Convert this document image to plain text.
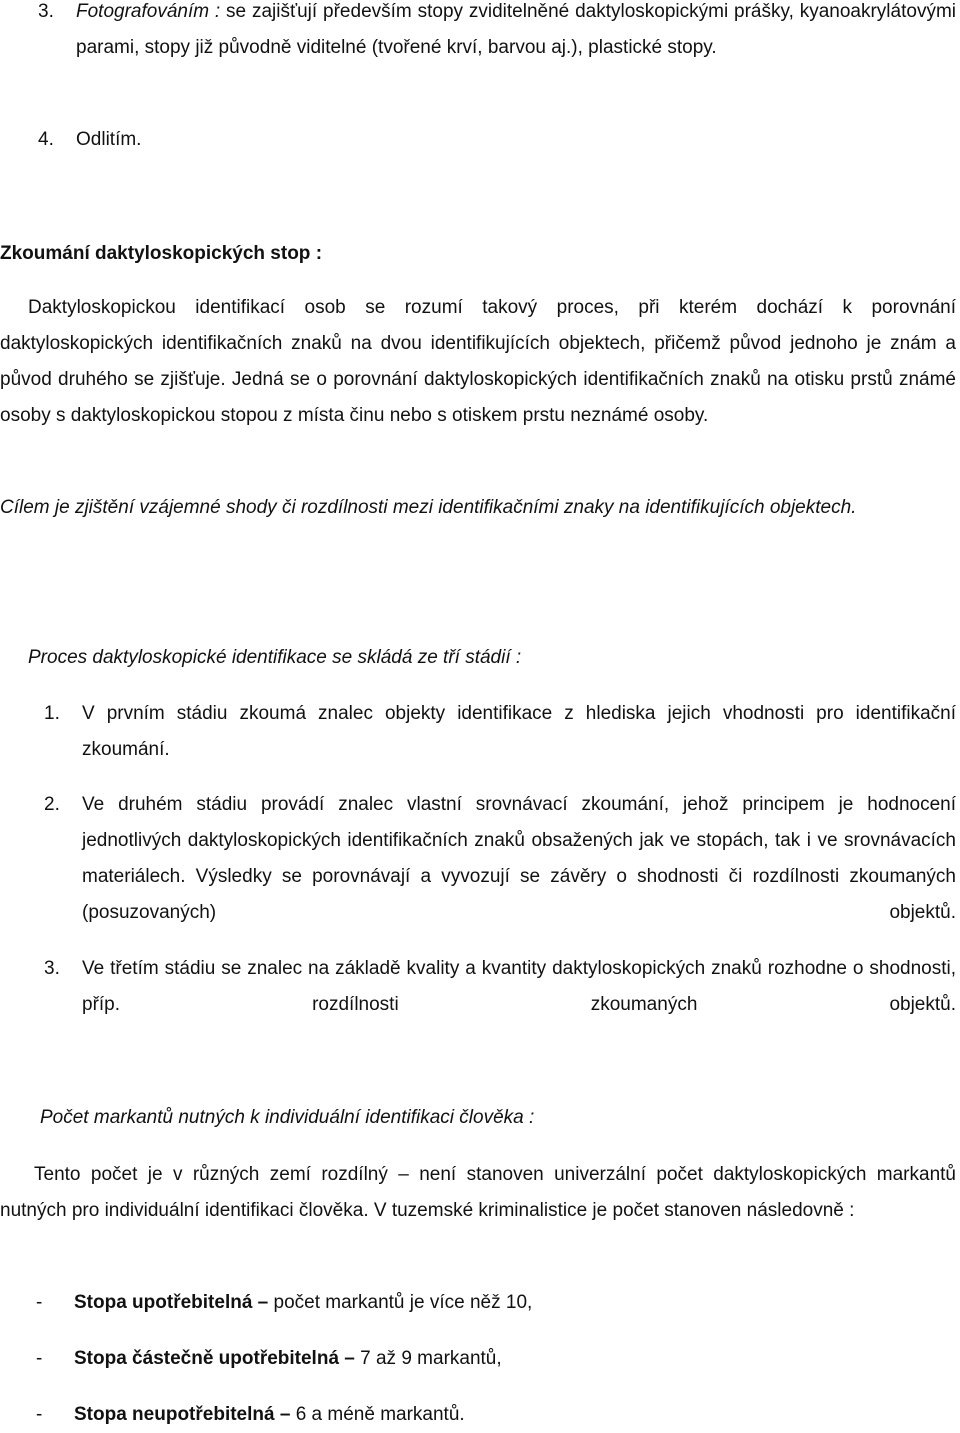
3. Fotografováním : se zajišťují především stopy zviditelněné daktyloskopickými prášky, kyanoakrylátovými parami, stopy již původně viditelné (tvořené krví, barvou aj.), plastické stopy.

4. Odlitím.

Zkoumání daktyloskopických stop :

Daktyloskopickou identifikací osob se rozumí takový proces, při kterém dochází k porovnání daktyloskopických identifikačních znaků na dvou identifikujících objektech, přičemž původ jednoho je znám a původ druhého se zjišťuje. Jedná se o porovnání daktyloskopických identifikačních znaků na otisku prstů známé osoby s daktyloskopickou stopou z místa činu nebo s otiskem prstu neznámé osoby.

Cílem je zjištění vzájemné shody či rozdílnosti mezi identifikačními znaky na identifikujících objektech.

Proces daktyloskopické identifikace se skládá ze tří stádií :
1. V prvním stádiu zkoumá znalec objekty identifikace z hlediska jejich vhodnosti pro identifikační zkoumání.

2. Ve druhém stádiu provádí znalec vlastní srovnávací zkoumání, jehož principem je hodnocení jednotlivých daktyloskopických identifikačních znaků obsažených jak ve stopách, tak i ve srovnávacích materiálech. Výsledky se porovnávají a vyvozují se závěry o shodnosti či rozdílnosti zkoumaných (posuzovaných) objektů.

3. Ve třetím stádiu se znalec na základě kvality a kvantity daktyloskopických znaků rozhodne o shodnosti, příp. rozdílnosti zkoumaných objektů.

Počet markantů nutných k individuální identifikaci člověka :

Tento počet je v různých zemí rozdílný – není stanoven univerzální počet daktyloskopických markantů nutných pro individuální identifikaci člověka. V tuzemské kriminalistice je počet stanoven následovně :

- Stopa upotřebitelná – počet markantů je více něž 10,

- Stopa částečně upotřebitelná – 7 až 9 markantů,

- Stopa neupotřebitelná – 6 a méně markantů.
